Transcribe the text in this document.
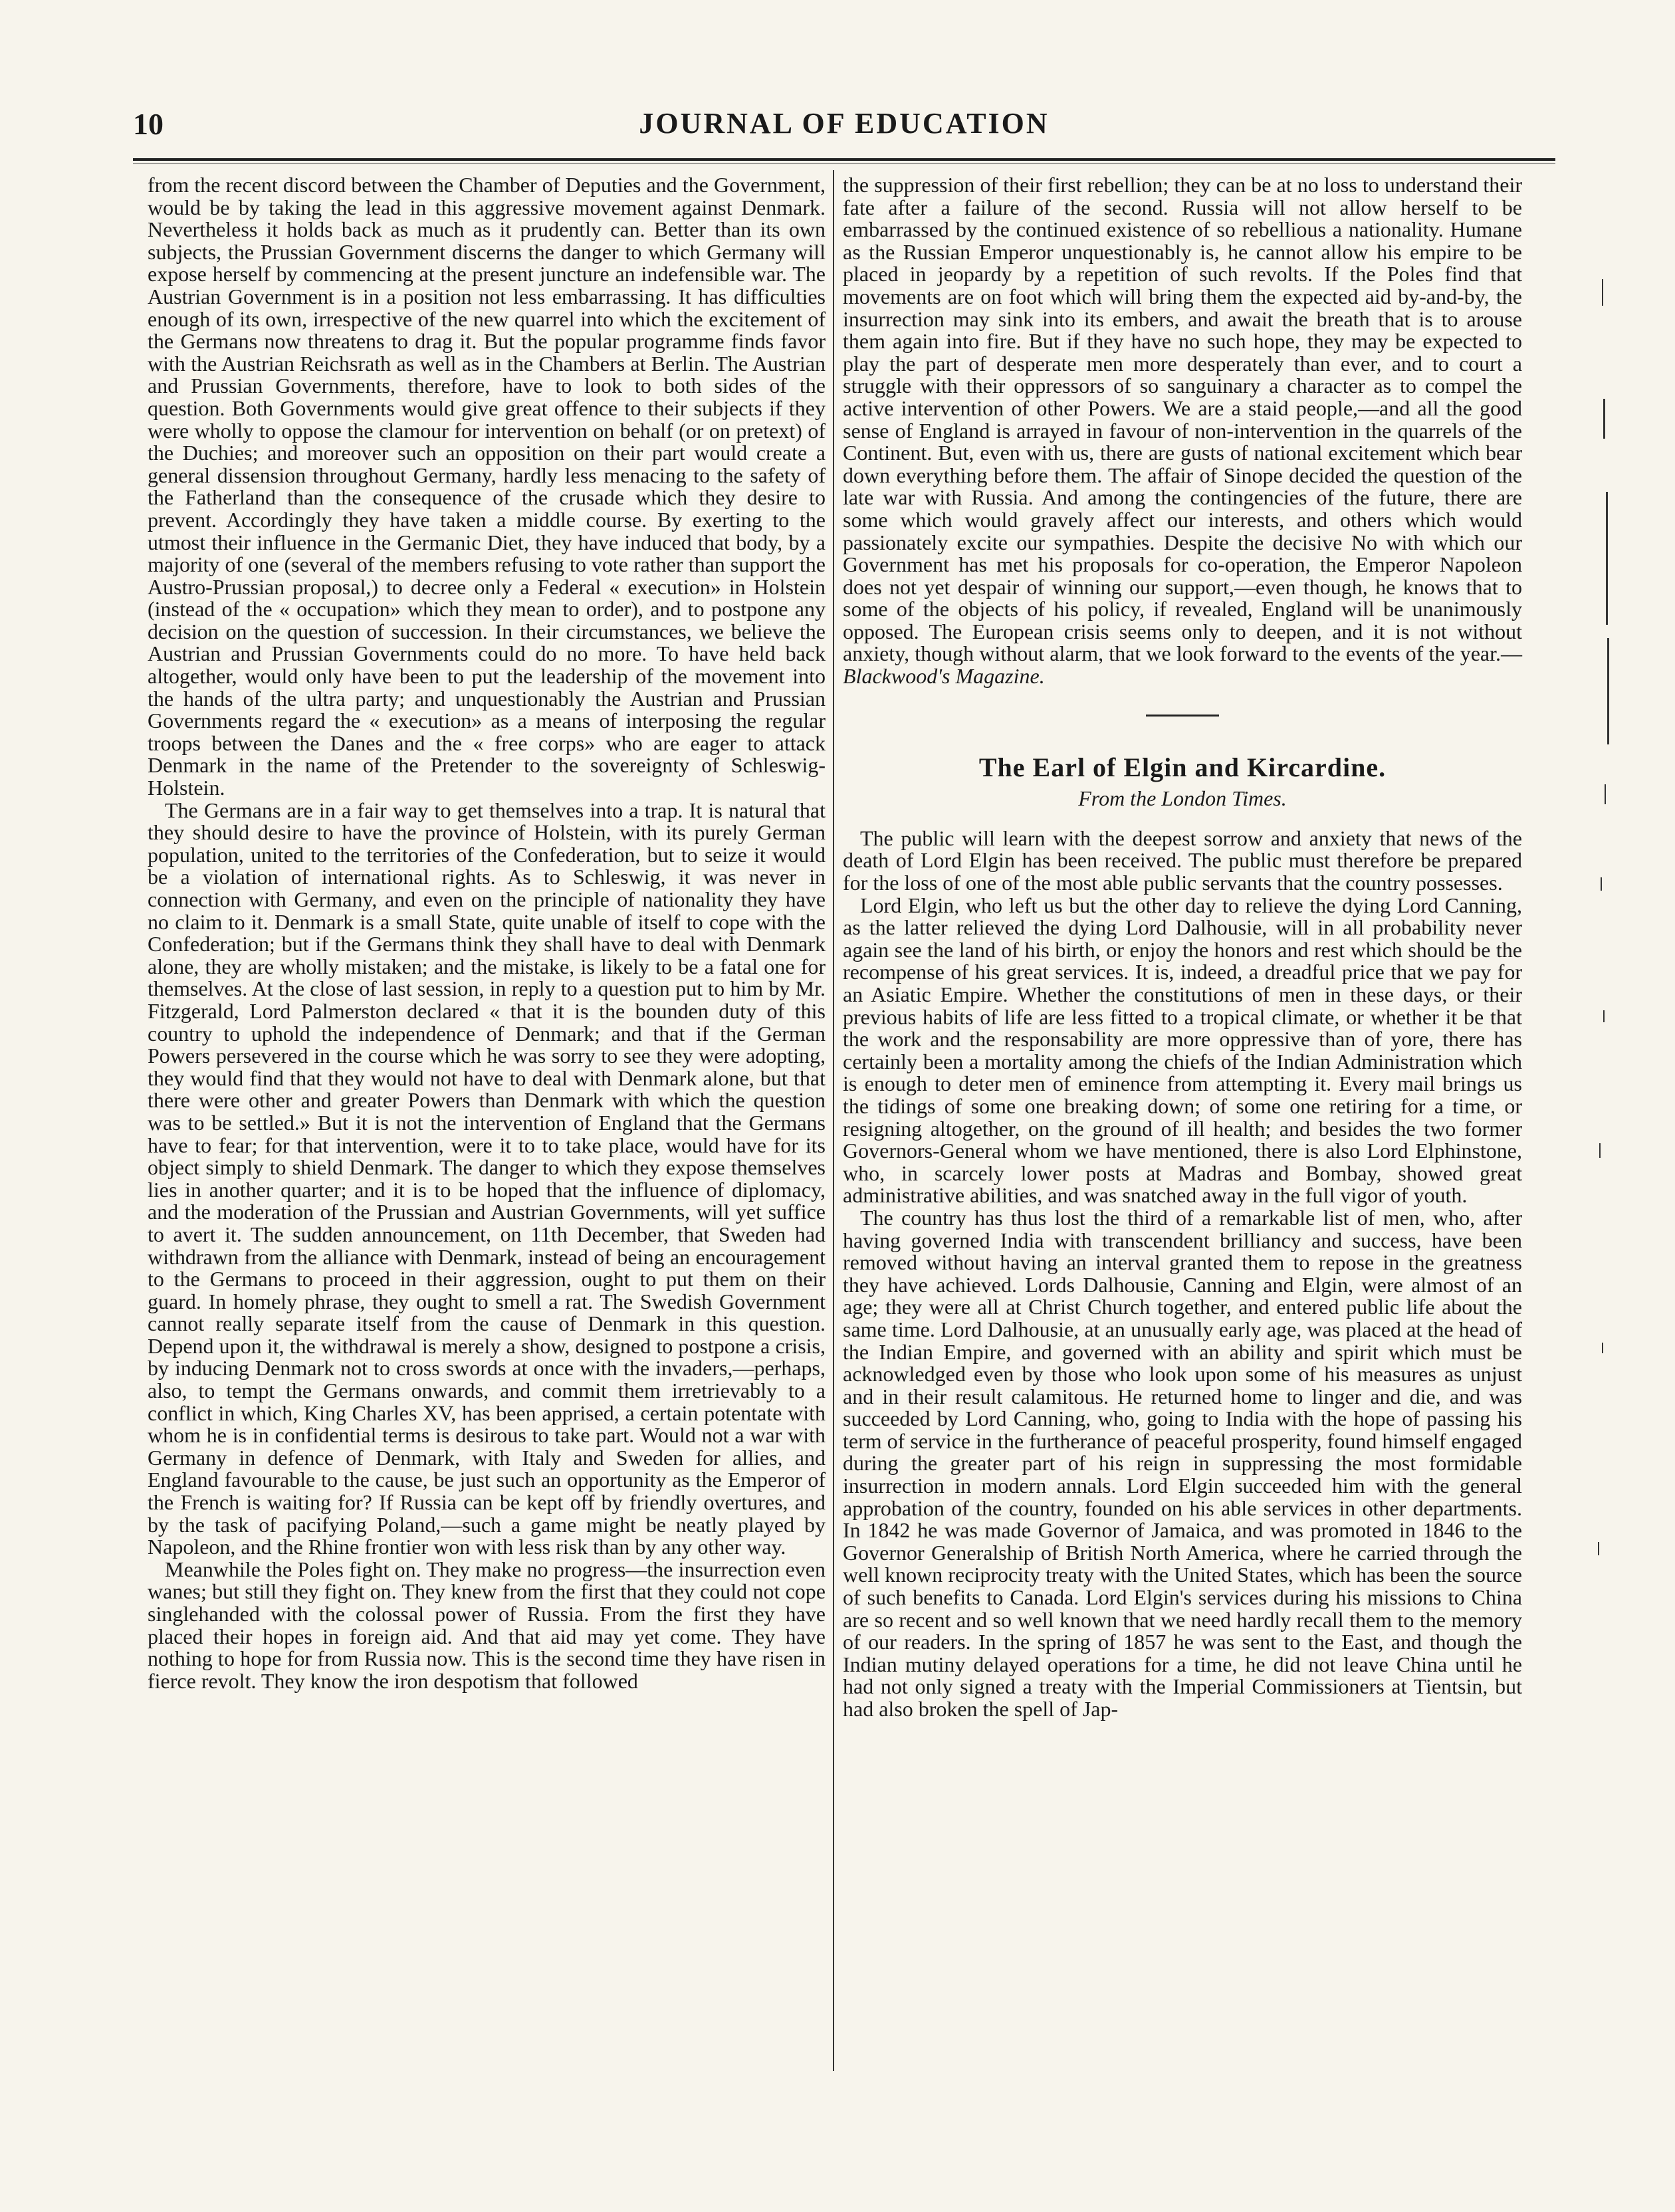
10	JOURNAL OF EDUCATION

from the recent discord between the Chamber of Deputies and the Government, would be by taking the lead in this aggressive movement against Denmark. Nevertheless it holds back as much as it prudently can. Better than its own subjects, the Prussian Government discerns the danger to which Germany will expose herself by commencing at the present juncture an indefensible war. The Austrian Government is in a position not less embarrassing. It has difficulties enough of its own, irrespective of the new quarrel into which the excitement of the Germans now threatens to drag it. But the popular programme finds favor with the Austrian Reichsrath as well as in the Chambers at Berlin. The Austrian and Prussian Governments, therefore, have to look to both sides of the question. Both Governments would give great offence to their subjects if they were wholly to oppose the clamour for intervention on behalf (or on pretext) of the Duchies; and moreover such an opposition on their part would create a general dissension throughout Germany, hardly less menacing to the safety of the Fatherland than the consequence of the crusade which they desire to prevent. Accordingly they have taken a middle course. By exerting to the utmost their influence in the Germanic Diet, they have induced that body, by a majority of one (several of the members refusing to vote rather than support the Austro-Prussian proposal,) to decree only a Federal « execution» in Holstein (instead of the « occupation» which they mean to order), and to postpone any decision on the question of succession. In their circumstances, we believe the Austrian and Prussian Governments could do no more. To have held back altogether, would only have been to put the leadership of the movement into the hands of the ultra party; and unquestionably the Austrian and Prussian Governments regard the « execution» as a means of interposing the regular troops between the Danes and the « free corps» who are eager to attack Denmark in the name of the Pretender to the sovereignty of Schleswig-Holstein.

The Germans are in a fair way to get themselves into a trap. It is natural that they should desire to have the province of Holstein, with its purely German population, united to the territories of the Confederation, but to seize it would be a violation of international rights. As to Schleswig, it was never in connection with Germany, and even on the principle of nationality they have no claim to it. Denmark is a small State, quite unable of itself to cope with the Confederation; but if the Germans think they shall have to deal with Denmark alone, they are wholly mistaken; and the mistake, is likely to be a fatal one for themselves. At the close of last session, in reply to a question put to him by Mr. Fitzgerald, Lord Palmerston declared « that it is the bounden duty of this country to uphold the independence of Denmark; and that if the German Powers persevered in the course which he was sorry to see they were adopting, they would find that they would not have to deal with Denmark alone, but that there were other and greater Powers than Denmark with which the question was to be settled.» But it is not the intervention of England that the Germans have to fear; for that intervention, were it to to take place, would have for its object simply to shield Denmark. The danger to which they expose themselves lies in another quarter; and it is to be hoped that the influence of diplomacy, and the moderation of the Prussian and Austrian Governments, will yet suffice to avert it. The sudden announcement, on 11th December, that Sweden had withdrawn from the alliance with Denmark, instead of being an encouragement to the Germans to proceed in their aggression, ought to put them on their guard. In homely phrase, they ought to smell a rat. The Swedish Government cannot really separate itself from the cause of Denmark in this question. Depend upon it, the withdrawal is merely a show, designed to postpone a crisis, by inducing Denmark not to cross swords at once with the invaders,—perhaps, also, to tempt the Germans onwards, and commit them irretrievably to a conflict in which, King Charles XV, has been apprised, a certain potentate with whom he is in confidential terms is desirous to take part. Would not a war with Germany in defence of Denmark, with Italy and Sweden for allies, and England favourable to the cause, be just such an opportunity as the Emperor of the French is waiting for? If Russia can be kept off by friendly overtures, and by the task of pacifying Poland,—such a game might be neatly played by Napoleon, and the Rhine frontier won with less risk than by any other way.

Meanwhile the Poles fight on. They make no progress—the insurrection even wanes; but still they fight on. They knew from the first that they could not cope singlehanded with the colossal power of Russia. From the first they have placed their hopes in foreign aid. And that aid may yet come. They have nothing to hope for from Russia now. This is the second time they have risen in fierce revolt. They know the iron despotism that followed

the suppression of their first rebellion; they can be at no loss to understand their fate after a failure of the second. Russia will not allow herself to be embarrassed by the continued existence of so rebellious a nationality. Humane as the Russian Emperor unquestionably is, he cannot allow his empire to be placed in jeopardy by a repetition of such revolts. If the Poles find that movements are on foot which will bring them the expected aid by-and-by, the insurrection may sink into its embers, and await the breath that is to arouse them again into fire. But if they have no such hope, they may be expected to play the part of desperate men more desperately than ever, and to court a struggle with their oppressors of so sanguinary a character as to compel the active intervention of other Powers. We are a staid people,—and all the good sense of England is arrayed in favour of non-intervention in the quarrels of the Continent. But, even with us, there are gusts of national excitement which bear down everything before them. The affair of Sinope decided the question of the late war with Russia. And among the contingencies of the future, there are some which would gravely affect our interests, and others which would passionately excite our sympathies. Despite the decisive No with which our Government has met his proposals for co-operation, the Emperor Napoleon does not yet despair of winning our support,—even though, he knows that to some of the objects of his policy, if revealed, England will be unanimously opposed. The European crisis seems only to deepen, and it is not without anxiety, though without alarm, that we look forward to the events of the year.—Blackwood's Magazine.

The Earl of Elgin and Kircardine.
From the London Times.

The public will learn with the deepest sorrow and anxiety that news of the death of Lord Elgin has been received. The public must therefore be prepared for the loss of one of the most able public servants that the country possesses.

Lord Elgin, who left us but the other day to relieve the dying Lord Canning, as the latter relieved the dying Lord Dalhousie, will in all probability never again see the land of his birth, or enjoy the honors and rest which should be the recompense of his great services. It is, indeed, a dreadful price that we pay for an Asiatic Empire. Whether the constitutions of men in these days, or their previous habits of life are less fitted to a tropical climate, or whether it be that the work and the responsability are more oppressive than of yore, there has certainly been a mortality among the chiefs of the Indian Administration which is enough to deter men of eminence from attempting it. Every mail brings us the tidings of some one breaking down; of some one retiring for a time, or resigning altogether, on the ground of ill health; and besides the two former Governors-General whom we have mentioned, there is also Lord Elphinstone, who, in scarcely lower posts at Madras and Bombay, showed great administrative abilities, and was snatched away in the full vigor of youth.

The country has thus lost the third of a remarkable list of men, who, after having governed India with transcendent brilliancy and success, have been removed without having an interval granted them to repose in the greatness they have achieved. Lords Dalhousie, Canning and Elgin, were almost of an age; they were all at Christ Church together, and entered public life about the same time. Lord Dalhousie, at an unusually early age, was placed at the head of the Indian Empire, and governed with an ability and spirit which must be acknowledged even by those who look upon some of his measures as unjust and in their result calamitous. He returned home to linger and die, and was succeeded by Lord Canning, who, going to India with the hope of passing his term of service in the furtherance of peaceful prosperity, found himself engaged during the greater part of his reign in suppressing the most formidable insurrection in modern annals. Lord Elgin succeeded him with the general approbation of the country, founded on his able services in other departments. In 1842 he was made Governor of Jamaica, and was promoted in 1846 to the Governor Generalship of British North America, where he carried through the well known reciprocity treaty with the United States, which has been the source of such benefits to Canada. Lord Elgin's services during his missions to China are so recent and so well known that we need hardly recall them to the memory of our readers. In the spring of 1857 he was sent to the East, and though the Indian mutiny delayed operations for a time, he did not leave China until he had not only signed a treaty with the Imperial Commissioners at Tientsin, but had also broken the spell of Jap-
